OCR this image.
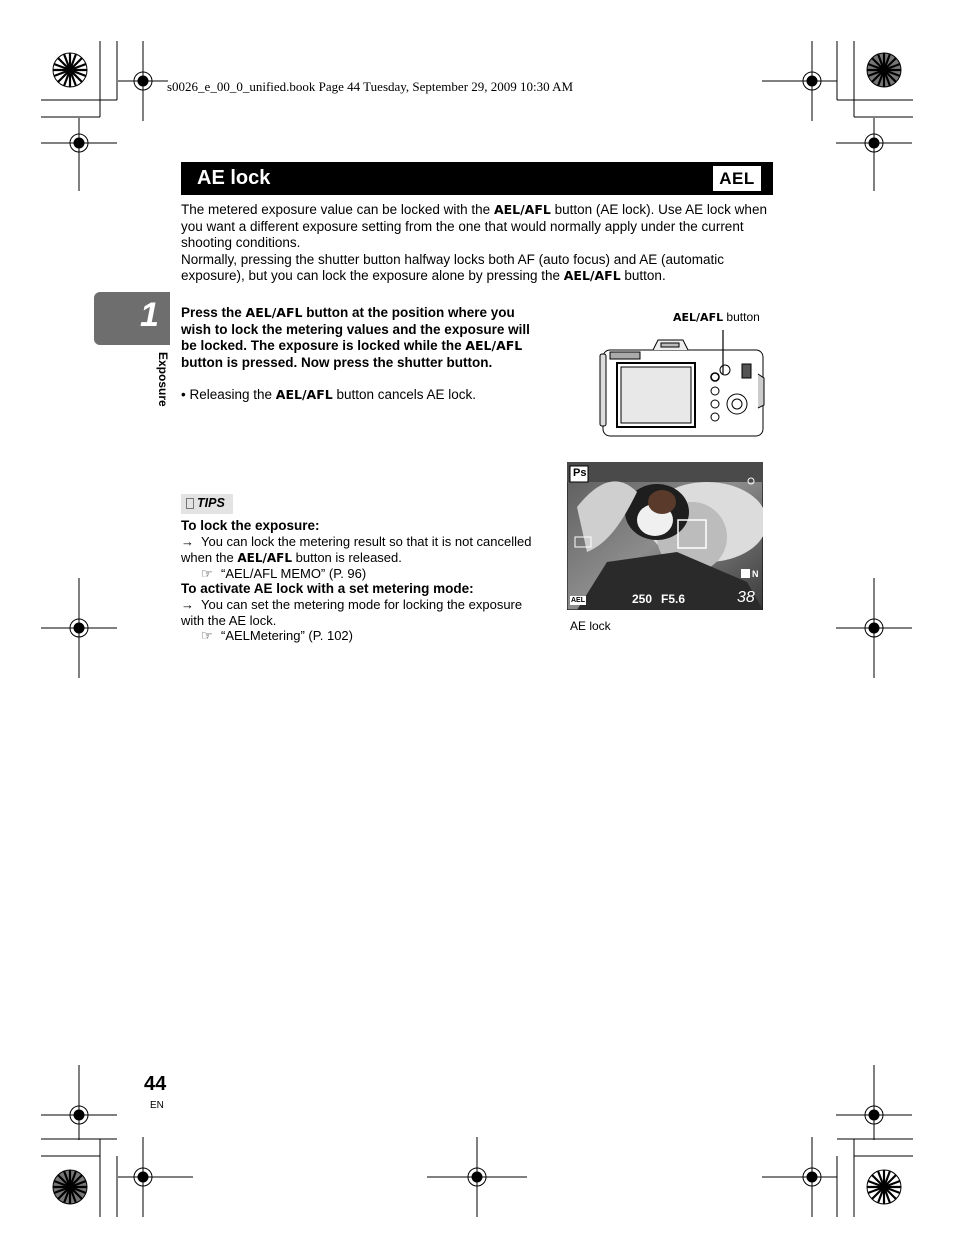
s0026_e_00_0_unified.book Page 44 Tuesday, September 29, 2009 10:30 AM
AE lock	AEL
The metered exposure value can be locked with the AEL/AFL button (AE lock). Use AE lock when you want a different exposure setting from the one that would normally apply under the current shooting conditions.
Normally, pressing the shutter button halfway locks both AF (auto focus) and AE (automatic exposure), but you can lock the exposure alone by pressing the AEL/AFL button.
1
Exposure
Press the AEL/AFL button at the position where you wish to lock the metering values and the exposure will be locked. The exposure is locked while the AEL/AFL button is pressed. Now press the shutter button.
• Releasing the AEL/AFL button cancels AE lock.
AEL/AFL button
Ps
N
AEL	250 F5.6	38
AE lock
TIPS
To lock the exposure:
→ You can lock the metering result so that it is not cancelled when the AEL/AFL button is released.
☞ “AEL/AFL MEMO” (P. 96)
To activate AE lock with a set metering mode:
→ You can set the metering mode for locking the exposure with the AE lock.
☞ “AELMetering” (P. 102)
44
EN
